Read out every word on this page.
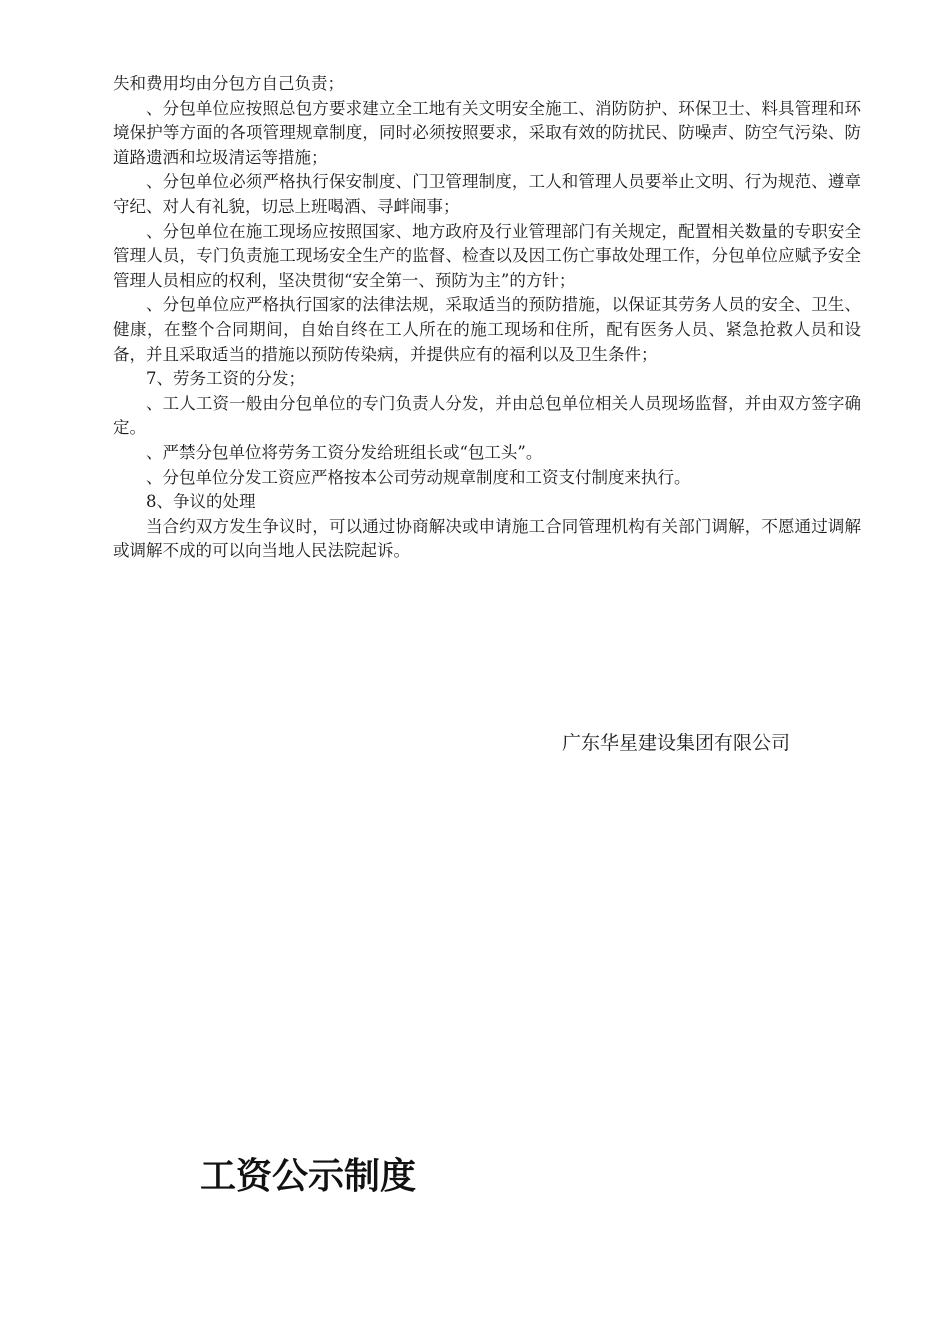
失和费用均由分包方自己负责；

、分包单位应按照总包方要求建立全工地有关文明安全施工、消防防护、环保卫士、料具管理和环境保护等方面的各项管理规章制度，同时必须按照要求，采取有效的防扰民、防噪声、防空气污染、防道路遗洒和垃圾清运等措施；

、分包单位必须严格执行保安制度、门卫管理制度，工人和管理人员要举止文明、行为规范、遵章守纪、对人有礼貌，切忌上班喝酒、寻衅闹事；

、分包单位在施工现场应按照国家、地方政府及行业管理部门有关规定，配置相关数量的专职安全管理人员，专门负责施工现场安全生产的监督、检查以及因工伤亡事故处理工作，分包单位应赋予安全管理人员相应的权利，坚决贯彻“安全第一、预防为主”的方针；

、分包单位应严格执行国家的法律法规，采取适当的预防措施，以保证其劳务人员的安全、卫生、健康，在整个合同期间，自始自终在工人所在的施工现场和住所，配有医务人员、紧急抢救人员和设备，并且采取适当的措施以预防传染病，并提供应有的福利以及卫生条件；

7、劳务工资的分发；

、工人工资一般由分包单位的专门负责人分发，并由总包单位相关人员现场监督，并由双方签字确定。

、严禁分包单位将劳务工资分发给班组长或“包工头”。

、分包单位分发工资应严格按本公司劳动规章制度和工资支付制度来执行。

8、争议的处理

当合约双方发生争议时，可以通过协商解决或申请施工合同管理机构有关部门调解，不愿通过调解或调解不成的可以向当地人民法院起诉。

广东华星建设集团有限公司
工资公示制度
